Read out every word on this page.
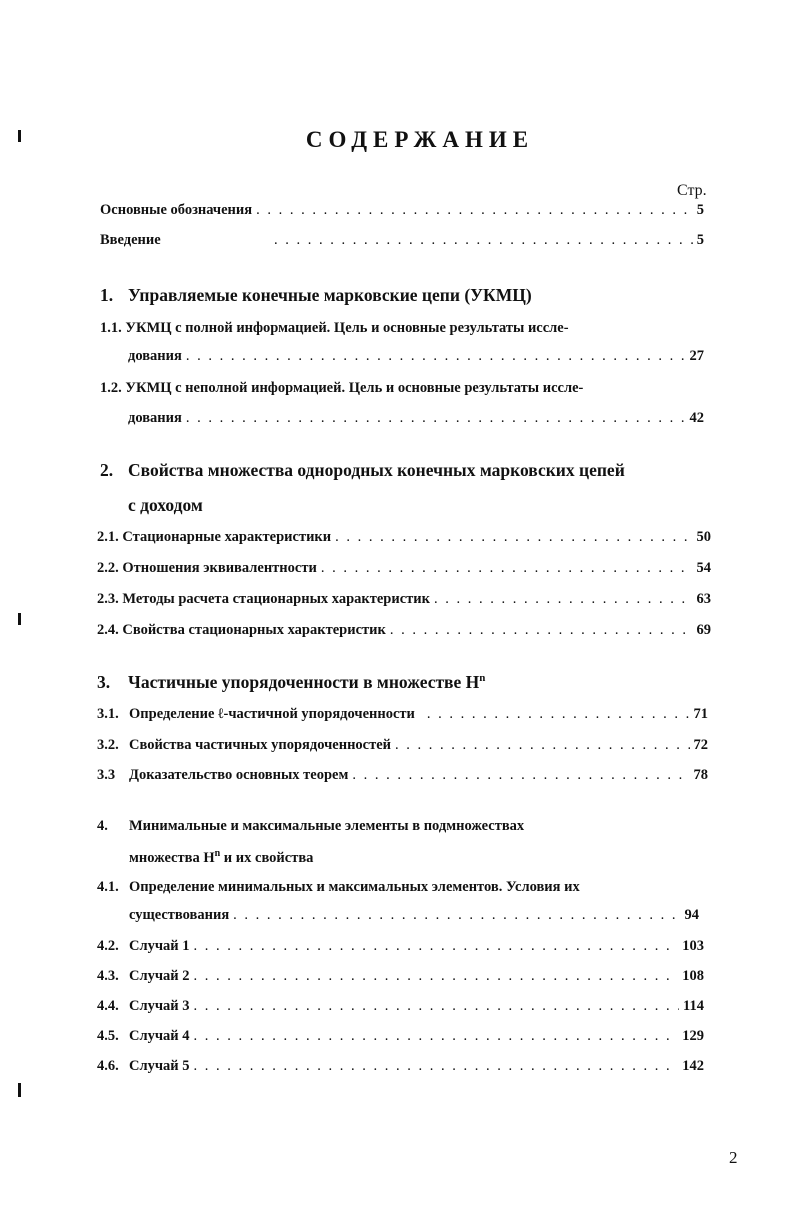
СОДЕРЖАНИЕ
Стр.
Основные обозначения . . .	5
Введение . . .	5
1. Управляемые конечные марковские цепи (УКМЦ)
1.1. УКМЦ с полной информацией. Цель и основные результаты иссле-
дования . . .	27
1.2. УКМЦ с неполной информацией. Цель и основные результаты иссле-
дования . . .	42
2. Свойства множества однородных конечных марковских цепей
с доходом
2.1. Стационарные характеристики . . .	50
2.2. Отношения эквивалентности . . .	54
2.3. Методы расчета стационарных характеристик . . .	63
2.4. Свойства стационарных характеристик . . .	69
3. Частичные упорядоченности в множестве $H^n$
3.1. Определение ℓ-частичной упорядоченности . . .	71
3.2. Свойства частичных упорядоченностей . . .	72
3.3 Доказательство основных теорем . . .	78
4. Минимальные и максимальные элементы в подмножествах
множества $H^n$ и их свойства
4.1. Определение минимальных и максимальных элементов. Условия их
существования . . .	94
4.2. Случай 1 . . .	103
4.3. Случай 2 . . .	108
4.4. Случай 3 . . .	114
4.5. Случай 4 . . .	129
4.6. Случай 5 . . .	142
2
